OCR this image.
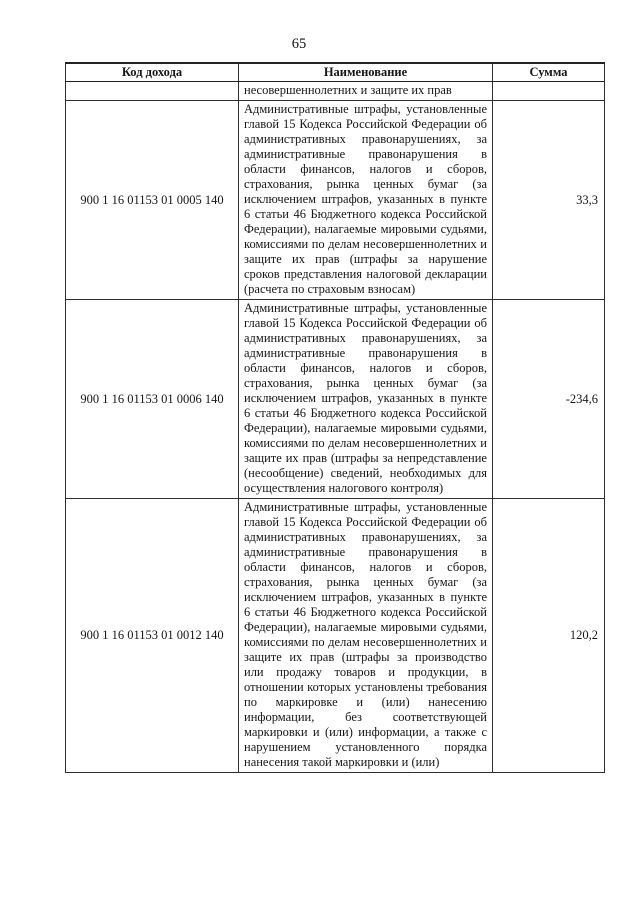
65
Код дохода	Наименование	Сумма
	несовершеннолетних и защите их прав	
900 1 16 01153 01 0005 140	Административные штрафы, установленные главой 15 Кодекса Российской Федерации об административных правонарушениях, за административные правонарушения в области финансов, налогов и сборов, страхования, рынка ценных бумаг (за исключением штрафов, указанных в пункте 6 статьи 46 Бюджетного кодекса Российской Федерации), налагаемые мировыми судьями, комиссиями по делам несовершеннолетних и защите их прав (штрафы за нарушение сроков представления налоговой декларации (расчета по страховым взносам)	33,3
900 1 16 01153 01 0006 140	Административные штрафы, установленные главой 15 Кодекса Российской Федерации об административных правонарушениях, за административные правонарушения в области финансов, налогов и сборов, страхования, рынка ценных бумаг (за исключением штрафов, указанных в пункте 6 статьи 46 Бюджетного кодекса Российской Федерации), налагаемые мировыми судьями, комиссиями по делам несовершеннолетних и защите их прав (штрафы за непредставление (несообщение) сведений, необходимых для осуществления налогового контроля)	-234,6
900 1 16 01153 01 0012 140	Административные штрафы, установленные главой 15 Кодекса Российской Федерации об административных правонарушениях, за административные правонарушения в области финансов, налогов и сборов, страхования, рынка ценных бумаг (за исключением штрафов, указанных в пункте 6 статьи 46 Бюджетного кодекса Российской Федерации), налагаемые мировыми судьями, комиссиями по делам несовершеннолетних и защите их прав (штрафы за производство или продажу товаров и продукции, в отношении которых установлены требования по маркировке и (или) нанесению информации, без соответствующей маркировки и (или) информации, а также с нарушением установленного порядка нанесения такой маркировки и (или)	120,2
